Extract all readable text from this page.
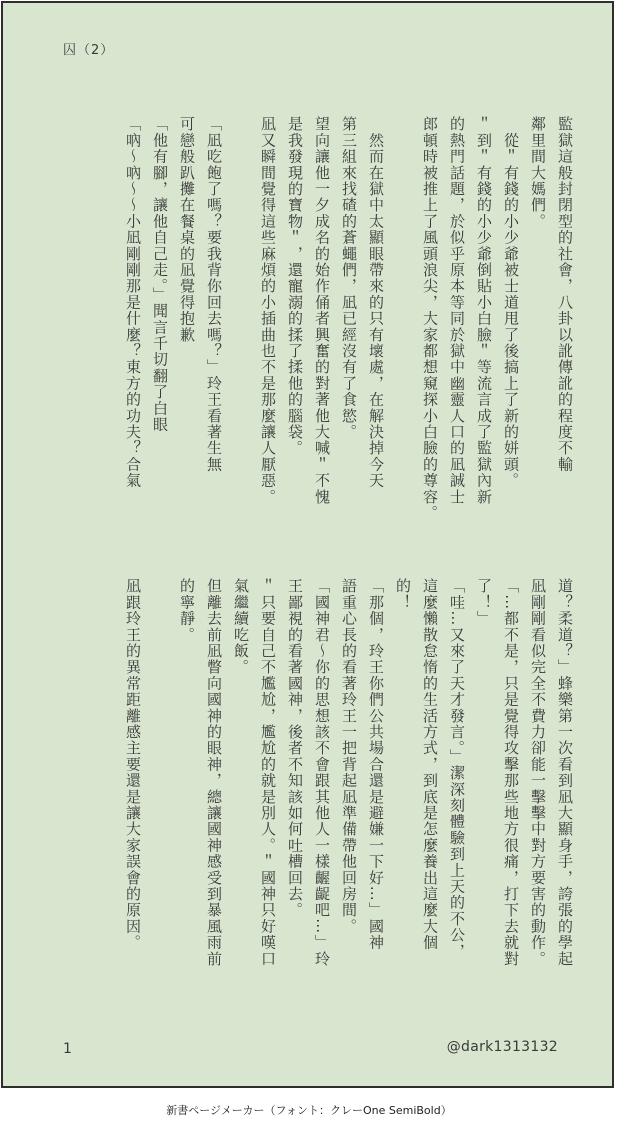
囚（2）
監獄這般封閉型的社會，八卦以訛傳訛的程度不輸
鄰里間大媽們。
　從＂有錢的小少爺被士道甩了後搞上了新的姘頭。
＂到＂有錢的小少爺倒貼小白臉＂等流言成了監獄內新
的熱門話題，於似乎原本等同於獄中幽靈人口的凪誠士
郎頓時被推上了風頭浪尖，大家都想窺探小白臉的尊容。
　然而在獄中太顯眼帶來的只有壞處，在解決掉今天
第三組來找碴的蒼蠅們，凪已經沒有了食慾。
望向讓他一夕成名的始作俑者興奮的對著他大喊＂不愧
是我發現的寶物＂，還寵溺的揉了揉他的腦袋。
凪又瞬間覺得這些麻煩的小插曲也不是那麼讓人厭惡。
「凪吃飽了嗎？要我背你回去嗎？」玲王看著生無
可戀般趴攤在餐桌的凪覺得抱歉
「他有腳，讓他自己走。」聞言千切翻了白眼
「吶～吶～～小凪剛剛那是什麼？東方的功夫？合氣
道？柔道？」蜂樂第一次看到凪大顯身手，誇張的學起
凪剛剛看似完全不費力卻能一擊擊中對方要害的動作。
「…都不是，只是覺得攻擊那些地方很痛，打下去就對
了！」
「哇…又來了天才發言。」潔深刻體驗到上天的不公，
這麼懶散怠惰的生活方式，到底是怎麼養出這麼大個
的！
「那個，玲王你們公共場合還是避嫌一下好…」國神
語重心長的看著玲王一把背起凪準備帶他回房間。
「國神君～你的思想該不會跟其他人一樣齷齪吧…」玲
王鄙視的看著國神，後者不知該如何吐槽回去。
＂只要自己不尷尬，尷尬的就是別人。＂國神只好嘆口
氣繼續吃飯。
但離去前凪瞥向國神的眼神，總讓國神感受到暴風雨前
的寧靜。
凪跟玲王的異常距離感主要還是讓大家誤會的原因。
1	@dark1313132
新書ページメーカー（フォント：クレーOne SemiBold）
